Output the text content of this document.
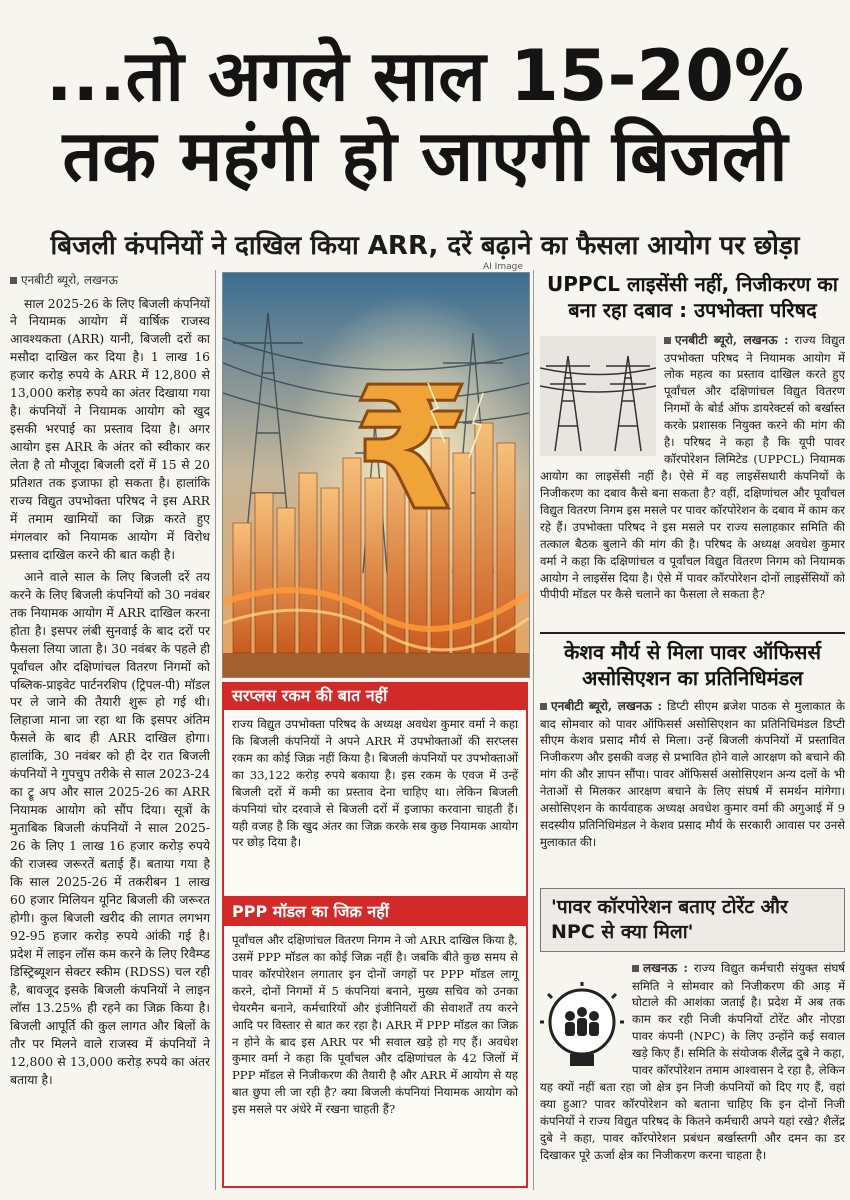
...तो अगले साल 15-20%
तक महंगी हो जाएगी बिजली
बिजली कंपनियों ने दाखिल किया ARR, दरें बढ़ाने का फैसला आयोग पर छोड़ा
AI Image
एनबीटी ब्यूरो, लखनऊ

साल 2025-26 के लिए बिजली कंपनियों ने नियामक आयोग में वार्षिक राजस्व आवश्यकता (ARR) यानी, बिजली दरों का मसौदा दाखिल कर दिया है। 1 लाख 16 हजार करोड़ रुपये के ARR में 12,800 से 13,000 करोड़ रुपये का अंतर दिखाया गया है। कंपनियों ने नियामक आयोग को खुद इसकी भरपाई का प्रस्ताव दिया है। अगर आयोग इस ARR के अंतर को स्वीकार कर लेता है तो मौजूदा बिजली दरों में 15 से 20 प्रतिशत तक इजाफा हो सकता है। हालांकि राज्य विद्युत उपभोक्ता परिषद ने इस ARR में तमाम खामियों का जिक्र करते हुए मंगलवार को नियामक आयोग में विरोध प्रस्ताव दाखिल करने की बात कही है।

आने वाले साल के लिए बिजली दरें तय करने के लिए बिजली कंपनियों को 30 नवंबर तक नियामक आयोग में ARR दाखिल करना होता है। इसपर लंबी सुनवाई के बाद दरों पर फैसला लिया जाता है। 30 नवंबर के पहले ही पूर्वांचल और दक्षिणांचल वितरण निगमों को पब्लिक-प्राइवेट पार्टनरशिप (ट्रिपल-पी) मॉडल पर ले जाने की तैयारी शुरू हो गई थी। लिहाजा माना जा रहा था कि इसपर अंतिम फैसले के बाद ही ARR दाखिल होगा। हालांकि, 30 नवंबर को ही देर रात बिजली कंपनियों ने गुपचुप तरीके से साल 2023-24 का ट्रू अप और साल 2025-26 का ARR नियामक आयोग को सौंप दिया। सूत्रों के मुताबिक बिजली कंपनियों ने साल 2025-26 के लिए 1 लाख 16 हजार करोड़ रुपये की राजस्व जरूरतें बताई हैं। बताया गया है कि साल 2025-26 में तकरीबन 1 लाख 60 हजार मिलियन यूनिट बिजली की जरूरत होगी। कुल बिजली खरीद की लागत लगभग 92-95 हजार करोड़ रुपये आंकी गई है। प्रदेश में लाइन लॉस कम करने के लिए रिवैम्प्ड डिस्ट्रिब्यूशन सेक्टर स्कीम (RDSS) चल रही है, बावजूद इसके बिजली कंपनियों ने लाइन लॉस 13.25% ही रहने का जिक्र किया है। बिजली आपूर्ति की कुल लागत और बिलों के तौर पर मिलने वाले राजस्व में कंपनियों ने 12,800 से 13,000 करोड़ रुपये का अंतर बताया है।

₹
सरप्लस रकम की बात नहीं
राज्य विद्युत उपभोक्ता परिषद के अध्यक्ष अवधेश कुमार वर्मा ने कहा कि बिजली कंपनियों ने अपने ARR में उपभोक्ताओं की सरप्लस रकम का कोई जिक्र नहीं किया है। बिजली कंपनियों पर उपभोक्ताओं का 33,122 करोड़ रुपये बकाया है। इस रकम के एवज में उन्हें बिजली दरों में कमी का प्रस्ताव देना चाहिए था। लेकिन बिजली कंपनियां चोर दरवाजे से बिजली दरों में इजाफा करवाना चाहती हैं। यही वजह है कि खुद अंतर का जिक्र करके सब कुछ नियामक आयोग पर छोड़ दिया है।
PPP मॉडल का जिक्र नहीं
पूर्वांचल और दक्षिणांचल वितरण निगम ने जो ARR दाखिल किया है, उसमें PPP मॉडल का कोई जिक्र नहीं है। जबकि बीते कुछ समय से पावर कॉरपोरेशन लगातार इन दोनों जगहों पर PPP मॉडल लागू करने, दोनों निगमों में 5 कंपनियां बनाने, मुख्य सचिव को उनका चेयरमैन बनाने, कर्मचारियों और इंजीनियरों की सेवाशर्तें तय करने आदि पर विस्तार से बात कर रहा है। ARR में PPP मॉडल का जिक्र न होने के बाद इस ARR पर भी सवाल खड़े हो गए हैं। अवधेश कुमार वर्मा ने कहा कि पूर्वांचल और दक्षिणांचल के 42 जिलों में PPP मॉडल से निजीकरण की तैयारी है और ARR में आयोग से यह बात छुपा ली जा रही है? क्या बिजली कंपनियां नियामक आयोग को इस मसले पर अंधेरे में रखना चाहती हैं?
UPPCL लाइसेंसी नहीं, निजीकरण का बना रहा दबाव : उपभोक्ता परिषद

एनबीटी ब्यूरो, लखनऊ : राज्य विद्युत उपभोक्ता परिषद ने नियामक आयोग में लोक महत्व का प्रस्ताव दाखिल करते हुए पूर्वांचल और दक्षिणांचल विद्युत वितरण निगमों के बोर्ड ऑफ डायरेक्टर्स को बर्खास्त करके प्रशासक नियुक्त करने की मांग की है। परिषद ने कहा है कि यूपी पावर कॉरपोरेशन लिमिटेड (UPPCL) नियामक आयोग का लाइसेंसी नहीं है। ऐसे में वह लाइसेंसधारी कंपनियों के निजीकरण का दबाव कैसे बना सकता है? वहीं, दक्षिणांचल और पूर्वांचल विद्युत वितरण निगम इस मसले पर पावर कॉरपोरेशन के दबाव में काम कर रहे हैं। उपभोक्ता परिषद ने इस मसले पर राज्य सलाहकार समिति की तत्काल बैठक बुलाने की मांग की है। परिषद के अध्यक्ष अवधेश कुमार वर्मा ने कहा कि दक्षिणांचल व पूर्वांचल विद्युत वितरण निगम को नियामक आयोग ने लाइसेंस दिया है। ऐसे में पावर कॉरपोरेशन दोनों लाइसेंसियों को पीपीपी मॉडल पर कैसे चलाने का फैसला ले सकता है?

केशव मौर्य से मिला पावर ऑफिसर्स असोसिएशन का प्रतिनिधिमंडल

एनबीटी ब्यूरो, लखनऊ : डिप्टी सीएम ब्रजेश पाठक से मुलाकात के बाद सोमवार को पावर ऑफिसर्स असोसिएशन का प्रतिनिधिमंडल डिप्टी सीएम केशव प्रसाद मौर्य से मिला। उन्हें बिजली कंपनियों में प्रस्तावित निजीकरण और इसकी वजह से प्रभावित होने वाले आरक्षण को बचाने की मांग की और ज्ञापन सौंपा। पावर ऑफिसर्स असोसिएशन अन्य दलों के भी नेताओं से मिलकर आरक्षण बचाने के लिए संघर्ष में समर्थन मांगेगा। असोसिएशन के कार्यवाहक अध्यक्ष अवधेश कुमार वर्मा की अगुआई में 9 सदस्यीय प्रतिनिधिमंडल ने केशव प्रसाद मौर्य के सरकारी आवास पर उनसे मुलाकात की।

'पावर कॉरपोरेशन बताए टोरेंट और NPC से क्या मिला'

लखनऊ : राज्य विद्युत कर्मचारी संयुक्त संघर्ष समिति ने सोमवार को निजीकरण की आड़ में घोटाले की आशंका जताई है। प्रदेश में अब तक काम कर रही निजी कंपनियों टोरेंट और नोएडा पावर कंपनी (NPC) के लिए उन्होंने कई सवाल खड़े किए हैं। समिति के संयोजक शैलेंद्र दुबे ने कहा, पावर कॉरपोरेशन तमाम आश्वासन दे रहा है, लेकिन यह क्यों नहीं बता रहा जो क्षेत्र इन निजी कंपनियों को दिए गए हैं, वहां क्या हुआ? पावर कॉरपोरेशन को बताना चाहिए कि इन दोनों निजी कंपनियों ने राज्य विद्युत परिषद के कितने कर्मचारी अपने यहां रखे? शैलेंद्र दुबे ने कहा, पावर कॉरपोरेशन प्रबंधन बर्खास्तगी और दमन का डर दिखाकर पूरे ऊर्जा क्षेत्र का निजीकरण करना चाहता है।
